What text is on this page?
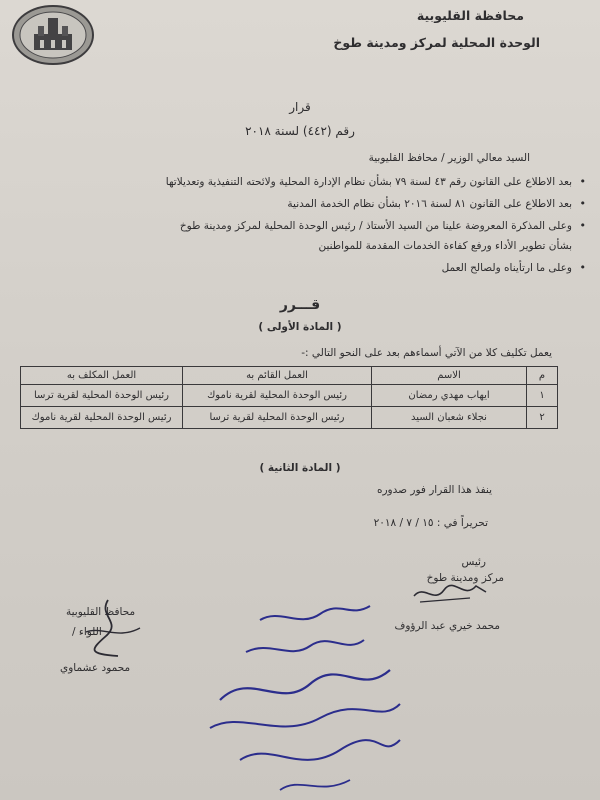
محافظة القليوبية
الوحدة المحلية لمركز ومدينة طوخ
قرار
رقم (٤٤٢) لسنة ٢٠١٨
السيد معالي الوزير / محافظ القليوبية
•
بعد الاطلاع على القانون رقم ٤٣ لسنة ٧٩ بشأن نظام الإدارة المحلية ولائحته التنفيذية وتعديلاتها
•
بعد الاطلاع على القانون ٨١ لسنة ٢٠١٦ بشأن نظام الخدمة المدنية
•
وعلى المذكرة المعروضة علينا من السيد الأستاذ / رئيس الوحدة المحلية لمركز ومدينة طوخ
بشأن تطوير الأداء ورفع كفاءة الخدمات المقدمة للمواطنين
•
وعلى ما ارتأيناه ولصالح العمل
قـــرر
( المادة الأولى )
يعمل تكليف كلا من الآتي أسماءهم بعد على النحو التالي :-
م	الاسم	العمل القائم به	العمل المكلف به
١	ايهاب مهدي رمضان	رئيس الوحدة المحلية لقرية ناموك	رئيس الوحدة المحلية لقرية ترسا
٢	نجلاء شعبان السيد	رئيس الوحدة المحلية لقرية ترسا	رئيس الوحدة المحلية لقرية ناموك
( المادة الثانية )
ينفذ هذا القرار فور صدوره
تحريراً في : ١٥ / ٧ / ٢٠١٨
رئيس
مركز ومدينة طوخ
محمد خيري عبد الرؤوف
محافظ القليوبية
اللواء /
محمود عشماوي
